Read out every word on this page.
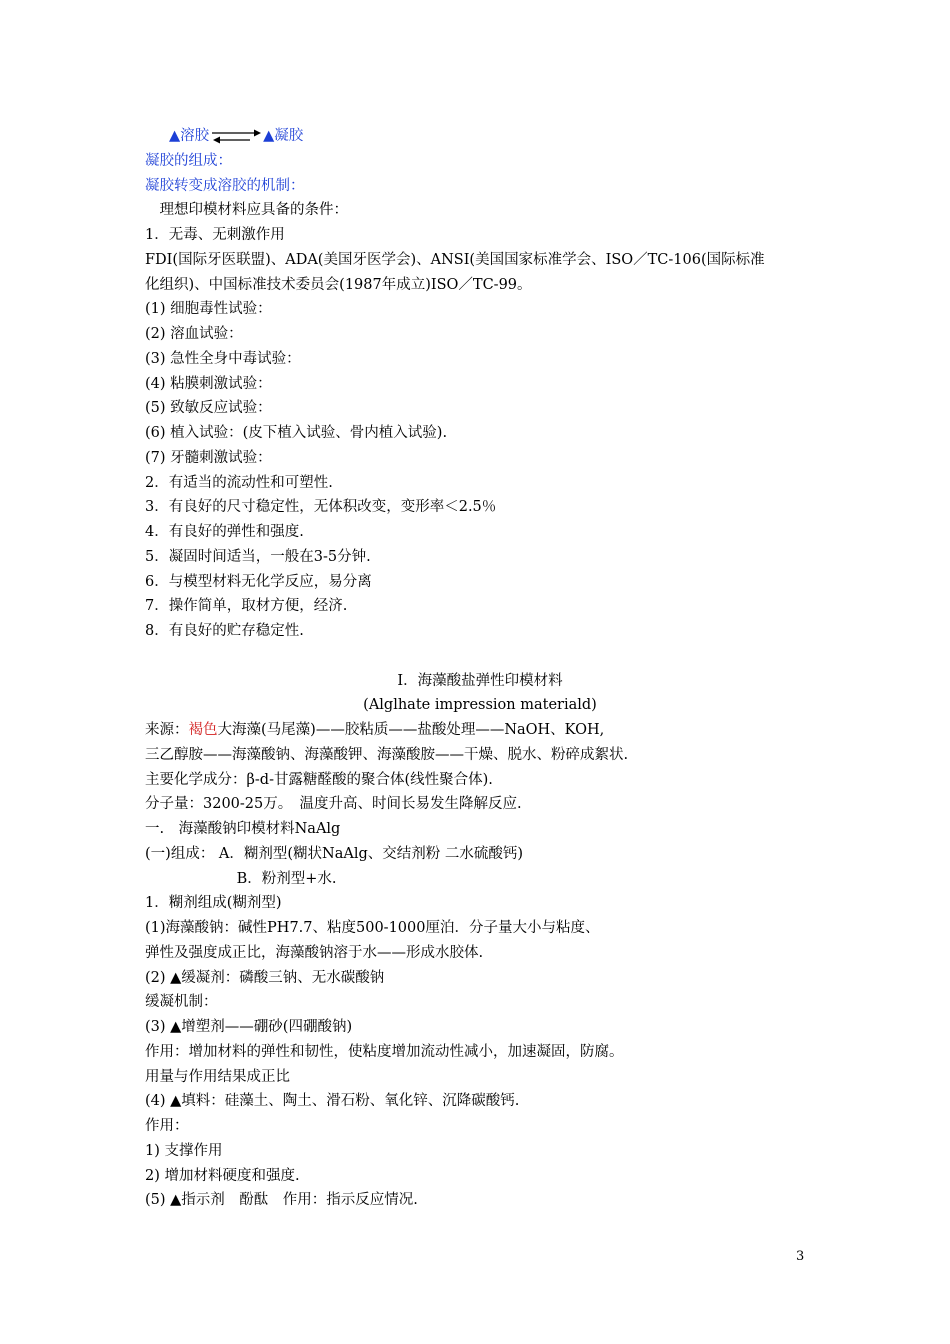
▲溶胶⇌▲凝胶
凝胶的组成：
凝胶转变成溶胶的机制：
　理想印模材料应具备的条件：
1．无毒、无刺激作用
FDI(国际牙医联盟)、ADA(美国牙医学会)、ANSI(美国国家标准学会、ISO／TC-106(国际标准
化组织)、中国标准技术委员会(1987年成立)ISO／TC-99。
(1) 细胞毒性试验：
(2) 溶血试验：
(3) 急性全身中毒试验：
(4) 粘膜刺激试验：
(5) 致敏反应试验：
(6) 植入试验：(皮下植入试验、骨内植入试验).
(7) 牙髓刺激试验：
2．有适当的流动性和可塑性.
3．有良好的尺寸稳定性，无体积改变，变形率＜2.5％
4．有良好的弹性和强度.
5．凝固时间适当，一般在3-5分钟.
6．与模型材料无化学反应，易分离
7．操作简单，取材方便，经济.
8．有良好的贮存稳定性.
Ⅰ．海藻酸盐弹性印模材料
(Alglhate impression materiald)
来源：褐色大海藻(马尾藻)——胶粘质——盐酸处理——NaOH、KOH,
三乙醇胺——海藻酸钠、海藻酸钾、海藻酸胺——干燥、脱水、粉碎成絮状.
主要化学成分：β-d-甘露糖醛酸的聚合体(线性聚合体).
分子量：3200-25万。　温度升高、时间长易发生降解反应.
一.　海藻酸钠印模材料NaAlg
(一)组成： A．糊剂型(糊状NaAlg、交结剂粉 二水硫酸钙)
　　　　　　 B．粉剂型+水.
1．糊剂组成(糊剂型)
(1)海藻酸钠：碱性PH7.7、粘度500-1000厘泊．分子量大小与粘度、
弹性及强度成正比，海藻酸钠溶于水——形成水胶体.
(2) ▲缓凝剂：磷酸三钠、无水碳酸钠
缓凝机制：
(3) ▲增塑剂——硼砂(四硼酸钠)
作用：增加材料的弹性和韧性，使粘度增加流动性减小，加速凝固，防腐。
用量与作用结果成正比
(4) ▲填料：硅藻土、陶土、滑石粉、氧化锌、沉降碳酸钙.
作用：
1) 支撑作用
2) 增加材料硬度和强度.
(5) ▲指示剂　酚酞　作用：指示反应情况.
3
